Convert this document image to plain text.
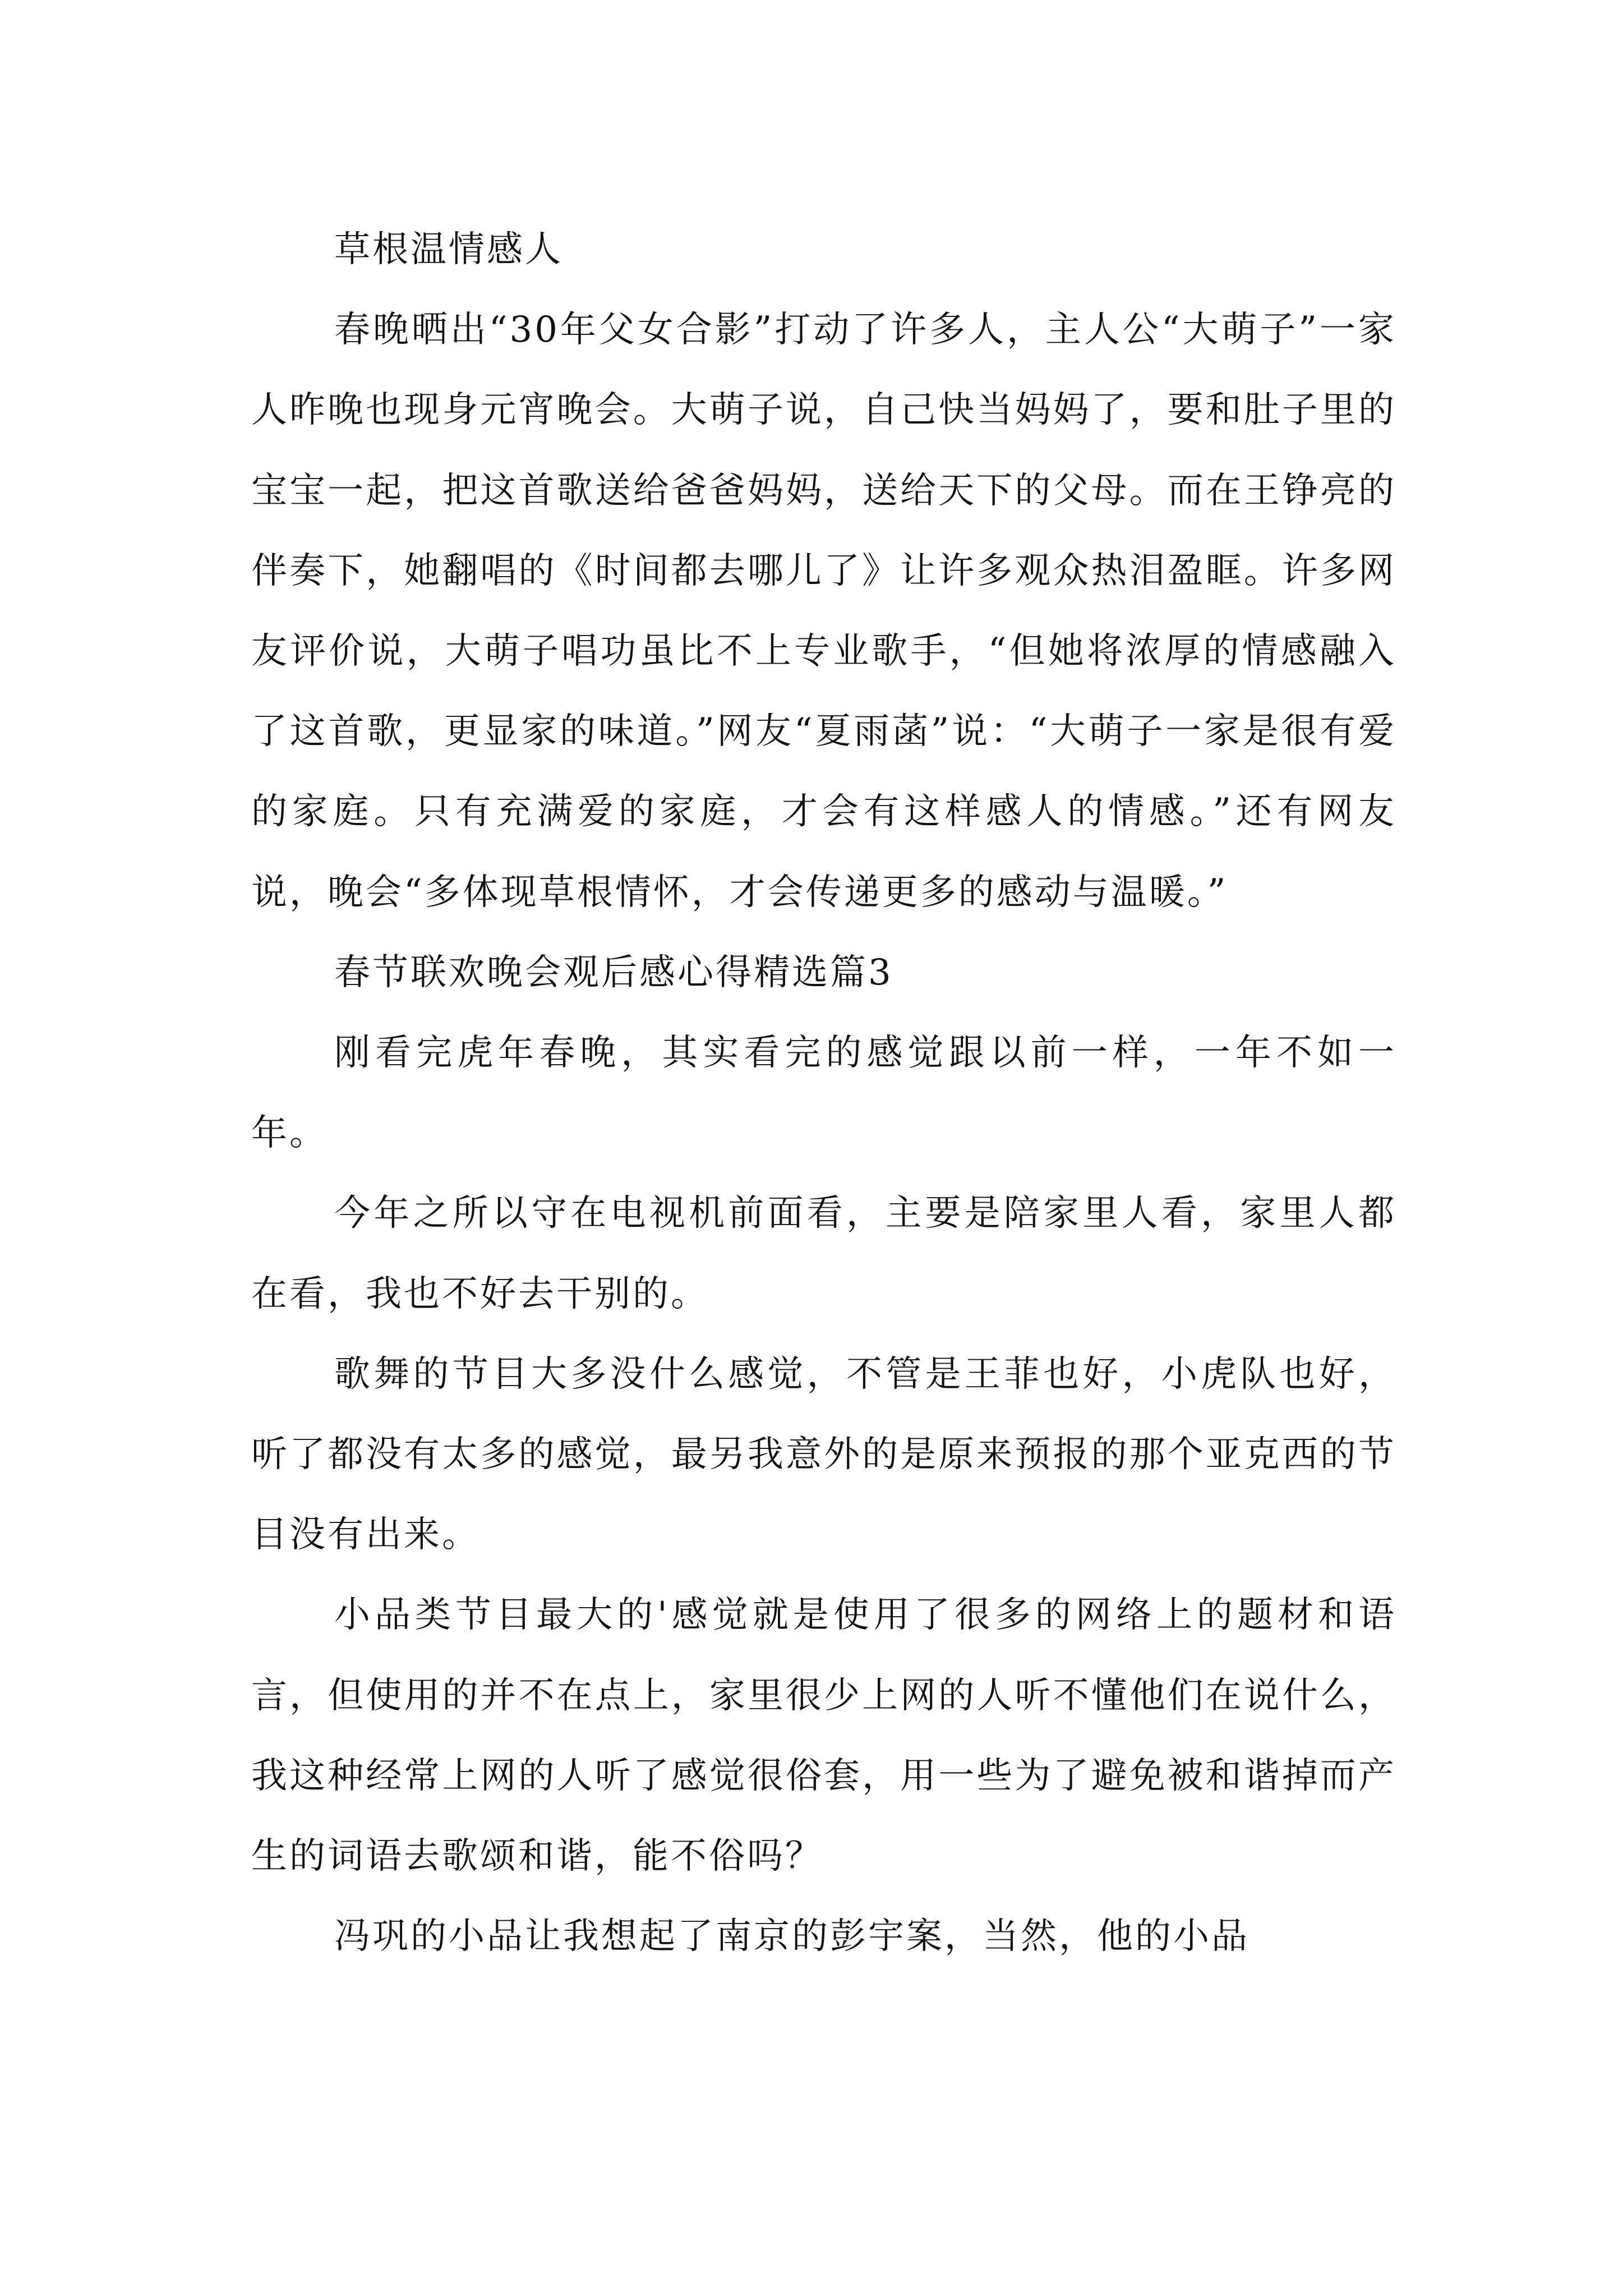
草根温情感人

春晚晒出“30年父女合影”打动了许多人，主人公“大萌子”一家人昨晚也现身元宵晚会。大萌子说，自己快当妈妈了，要和肚子里的宝宝一起，把这首歌送给爸爸妈妈，送给天下的父母。而在王铮亮的伴奏下，她翻唱的《时间都去哪儿了》让许多观众热泪盈眶。许多网友评价说，大萌子唱功虽比不上专业歌手，“但她将浓厚的情感融入了这首歌，更显家的味道。”网友“夏雨菡”说：“大萌子一家是很有爱的家庭。只有充满爱的家庭，才会有这样感人的情感。”还有网友说，晚会“多体现草根情怀，才会传递更多的感动与温暖。”

春节联欢晚会观后感心得精选篇3

刚看完虎年春晚，其实看完的感觉跟以前一样，一年不如一年。

今年之所以守在电视机前面看，主要是陪家里人看，家里人都在看，我也不好去干别的。

歌舞的节目大多没什么感觉，不管是王菲也好，小虎队也好，听了都没有太多的感觉，最另我意外的是原来预报的那个亚克西的节目没有出来。

小品类节目最大的'感觉就是使用了很多的网络上的题材和语言，但使用的并不在点上，家里很少上网的人听不懂他们在说什么，我这种经常上网的人听了感觉很俗套，用一些为了避免被和谐掉而产生的词语去歌颂和谐，能不俗吗？

冯巩的小品让我想起了南京的彭宇案，当然，他的小品
